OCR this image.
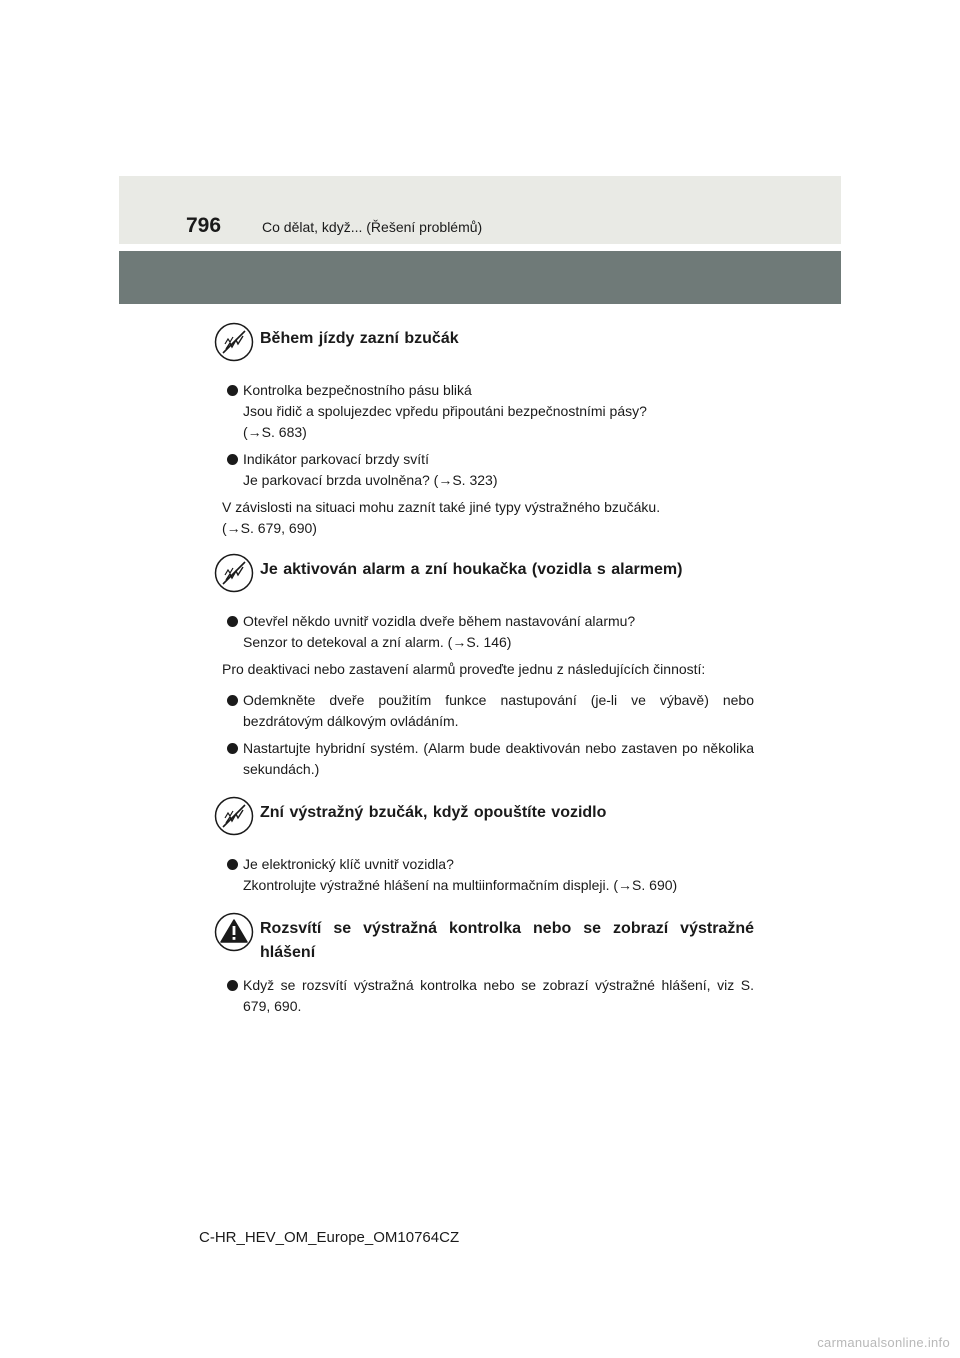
796	Co dělat, když... (Řešení problémů)
Během jízdy zazní bzučák

Kontrolka bezpečnostního pásu bliká

Jsou řidič a spolujezdec vpředu připoutáni bezpečnostními pásy?

(→S. 683)

Indikátor parkovací brzdy svítí

Je parkovací brzda uvolněna? (→S. 323)

V závislosti na situaci mohu zaznít také jiné typy výstražného bzučáku.
(→S. 679, 690)
Je aktivován alarm a zní houkačka (vozidla s alarmem)

Otevřel někdo uvnitř vozidla dveře během nastavování alarmu?

Senzor to detekoval a zní alarm. (→S. 146)

Pro deaktivaci nebo zastavení alarmů proveďte jednu z následujících činností:

Odemkněte dveře použitím funkce nastupování (je-li ve výbavě) nebo bezdrátovým dálkovým ovládáním.

Nastartujte hybridní systém. (Alarm bude deaktivován nebo zastaven po několika sekundách.)

Zní výstražný bzučák, když opouštíte vozidlo

Je elektronický klíč uvnitř vozidla?

Zkontrolujte výstražné hlášení na multiinformačním displeji. (→S. 690)

Rozsvítí se výstražná kontrolka nebo se zobrazí výstražné hlášení

Když se rozsvítí výstražná kontrolka nebo se zobrazí výstražné hlášení, viz S. 679, 690.

C-HR_HEV_OM_Europe_OM10764CZ
carmanualsonline.info
